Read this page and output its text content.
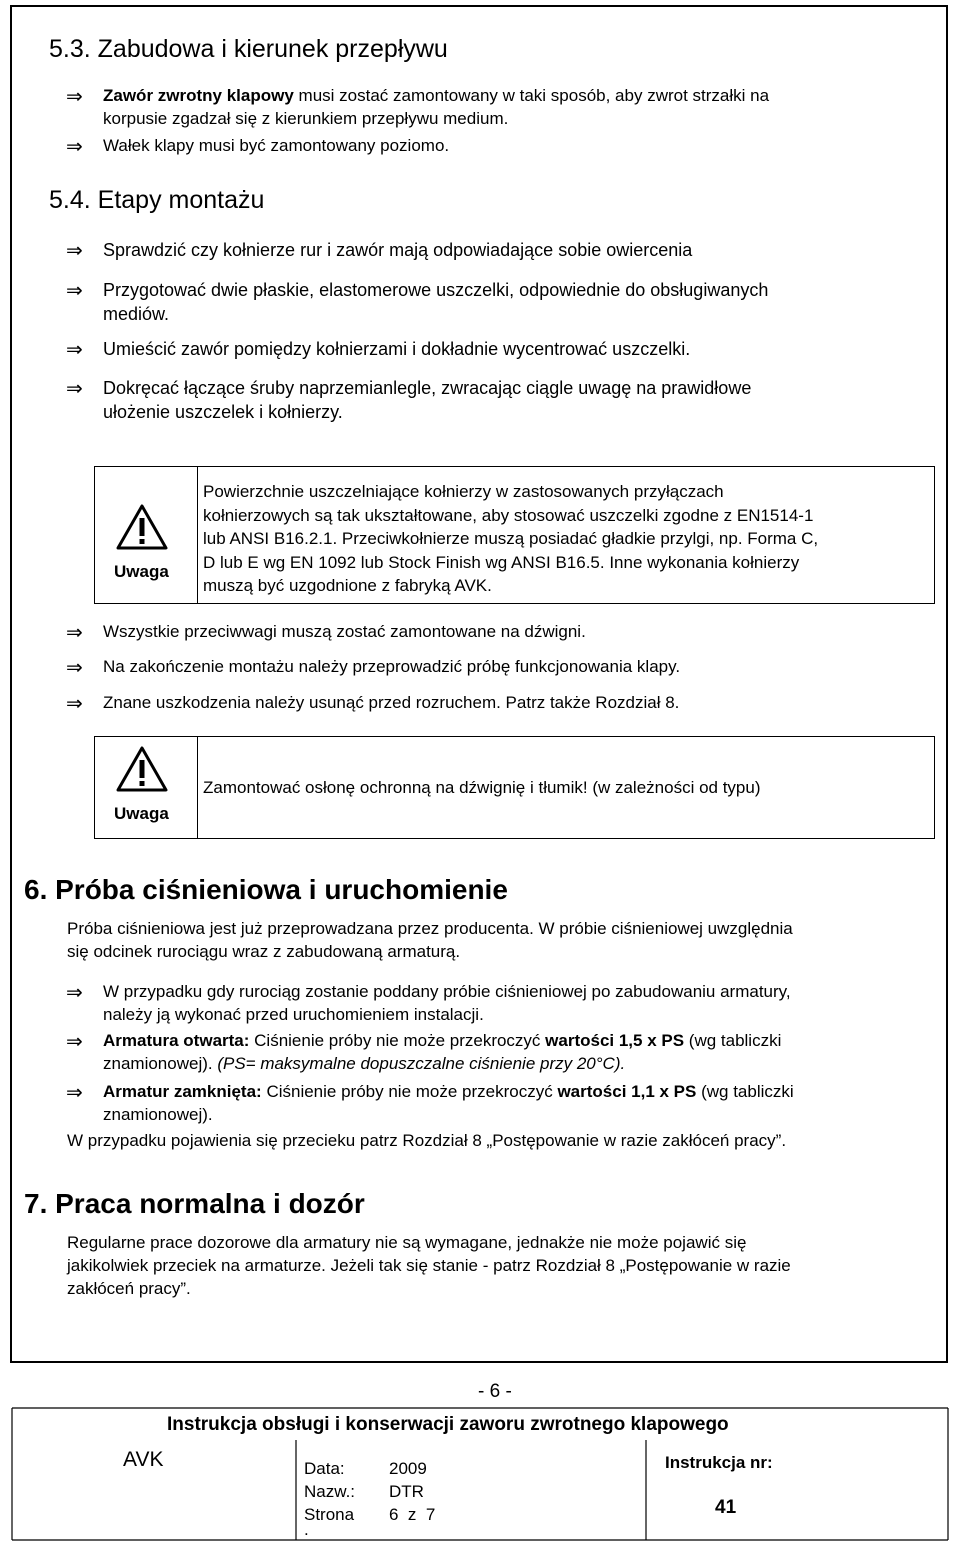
5.3. Zabudowa i kierunek przepływu
⇒ Zawór zwrotny klapowy musi zostać zamontowany w taki sposób, aby zwrot strzałki na
korpusie zgadzał się z kierunkiem przepływu medium.
⇒ Wałek klapy musi być zamontowany poziomo.
5.4. Etapy montażu
⇒ Sprawdzić czy kołnierze rur i zawór mają odpowiadające sobie owiercenia
⇒ Przygotować dwie płaskie, elastomerowe uszczelki, odpowiednie do obsługiwanych
mediów.
⇒ Umieścić zawór pomiędzy kołnierzami i dokładnie wycentrować uszczelki.
⇒ Dokręcać łączące śruby naprzemianlegle, zwracając ciągle uwagę na prawidłowe
ułożenie uszczelek i kołnierzy.
Uwaga
Powierzchnie uszczelniające kołnierzy w zastosowanych przyłączach
kołnierzowych są tak ukształtowane, aby stosować uszczelki zgodne z EN1514-1
lub ANSI B16.2.1. Przeciwkołnierze muszą posiadać gładkie przylgi, np. Forma C,
D lub E wg EN 1092 lub Stock Finish wg ANSI B16.5. Inne wykonania kołnierzy
muszą być uzgodnione z fabryką AVK.
⇒ Wszystkie przeciwwagi muszą zostać zamontowane na dźwigni.
⇒ Na zakończenie montażu należy przeprowadzić próbę funkcjonowania klapy.
⇒ Znane uszkodzenia należy usunąć przed rozruchem. Patrz także Rozdział 8.
Uwaga
Zamontować osłonę ochronną na dźwignię i tłumik! (w zależności od typu)
6. Próba ciśnieniowa i uruchomienie
Próba ciśnieniowa jest już przeprowadzana przez producenta. W próbie ciśnieniowej uwzględnia
się odcinek rurociągu wraz z zabudowaną armaturą.
⇒ W przypadku gdy rurociąg zostanie poddany próbie ciśnieniowej po zabudowaniu armatury,
należy ją wykonać przed uruchomieniem instalacji.
⇒ Armatura otwarta: Ciśnienie próby nie może przekroczyć wartości 1,5 x PS (wg tabliczki
znamionowej). (PS= maksymalne dopuszczalne ciśnienie przy 20°C).
⇒ Armatur zamknięta: Ciśnienie próby nie może przekroczyć wartości 1,1 x PS (wg tabliczki
znamionowej).
W przypadku pojawienia się przecieku patrz Rozdział 8 „Postępowanie w razie zakłóceń pracy”.
7. Praca normalna i dozór
Regularne prace dozorowe dla armatury nie są wymagane, jednakże nie może pojawić się
jakikolwiek przeciek na armaturze. Jeżeli tak się stanie - patrz Rozdział 8 „Postępowanie w razie
zakłóceń pracy”.
- 6 -
Instrukcja obsługi i konserwacji zaworu zwrotnego klapowego
AVK	Data:	2009
Nazw.: DTR
Strona 6  z  7
.
Instrukcja nr:
41
